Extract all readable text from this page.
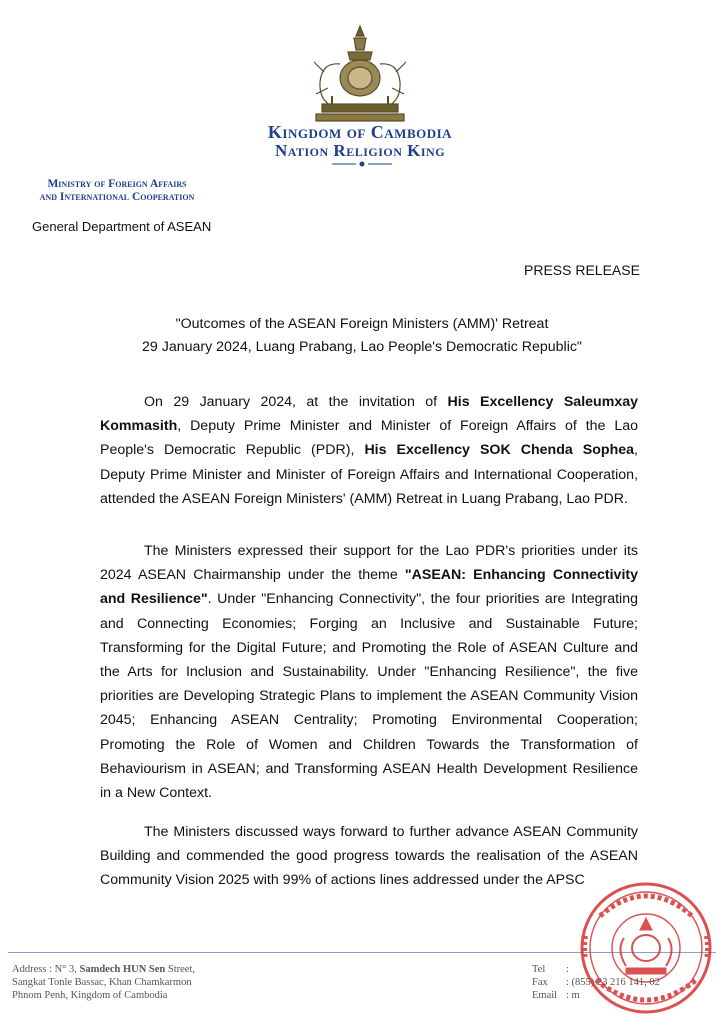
Kingdom of Cambodia
Nation Religion King
Ministry of Foreign Affairs
and International Cooperation
General Department of ASEAN
PRESS RELEASE
"Outcomes of the ASEAN Foreign Ministers (AMM)' Retreat
29 January 2024, Luang Prabang, Lao People's Democratic Republic"
On 29 January 2024, at the invitation of His Excellency Saleumxay Kommasith, Deputy Prime Minister and Minister of Foreign Affairs of the Lao People's Democratic Republic (PDR), His Excellency SOK Chenda Sophea, Deputy Prime Minister and Minister of Foreign Affairs and International Cooperation, attended the ASEAN Foreign Ministers' (AMM) Retreat in Luang Prabang, Lao PDR.
The Ministers expressed their support for the Lao PDR's priorities under its 2024 ASEAN Chairmanship under the theme "ASEAN: Enhancing Connectivity and Resilience". Under "Enhancing Connectivity", the four priorities are Integrating and Connecting Economies; Forging an Inclusive and Sustainable Future; Transforming for the Digital Future; and Promoting the Role of ASEAN Culture and the Arts for Inclusion and Sustainability. Under "Enhancing Resilience", the five priorities are Developing Strategic Plans to implement the ASEAN Community Vision 2045; Enhancing ASEAN Centrality; Promoting Environmental Cooperation; Promoting the Role of Women and Children Towards the Transformation of Behaviourism in ASEAN; and Transforming ASEAN Health Development Resilience in a New Context.
The Ministers discussed ways forward to further advance ASEAN Community Building and commended the good progress towards the realisation of the ASEAN Community Vision 2025 with 99% of actions lines addressed under the APSC
Address : N° 3, Samdech HUN Sen Street,
Sangkat Tonle Bassac, Khan Chamkarmon
Phnom Penh, Kingdom of Cambodia
Tel :
Fax : (855) 23 216 141, 02
Email : m
